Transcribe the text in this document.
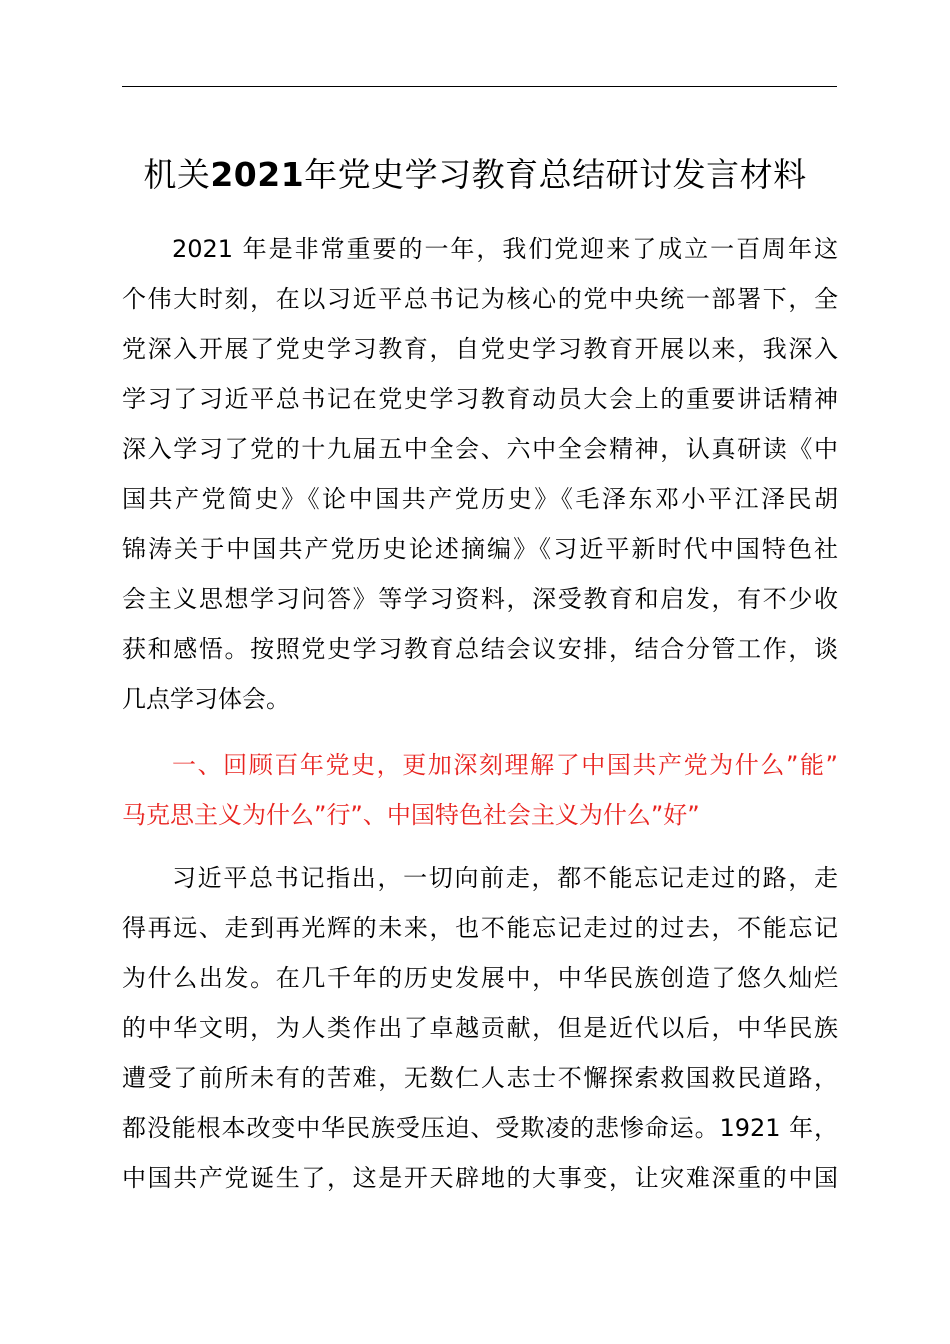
机关2021年党史学习教育总结研讨发言材料
2021 年是非常重要的一年，我们党迎来了成立一百周年这
个伟大时刻，在以习近平总书记为核心的党中央统一部署下，全
党深入开展了党史学习教育，自党史学习教育开展以来，我深入
学习了习近平总书记在党史学习教育动员大会上的重要讲话精神
深入学习了党的十九届五中全会、六中全会精神，认真研读《中
国共产党简史》《论中国共产党历史》《毛泽东邓小平江泽民胡
锦涛关于中国共产党历史论述摘编》《习近平新时代中国特色社
会主义思想学习问答》等学习资料，深受教育和启发，有不少收
获和感悟。按照党史学习教育总结会议安排，结合分管工作，谈
几点学习体会。
一、回顾百年党史，更加深刻理解了中国共产党为什么”能”
马克思主义为什么”行”、中国特色社会主义为什么”好”
习近平总书记指出，一切向前走，都不能忘记走过的路，走
得再远、走到再光辉的未来，也不能忘记走过的过去，不能忘记
为什么出发。在几千年的历史发展中，中华民族创造了悠久灿烂
的中华文明，为人类作出了卓越贡献，但是近代以后，中华民族
遭受了前所未有的苦难，无数仁人志士不懈探索救国救民道路，
都没能根本改变中华民族受压迫、受欺凌的悲惨命运。1921 年，
中国共产党诞生了，这是开天辟地的大事变，让灾难深重的中国
